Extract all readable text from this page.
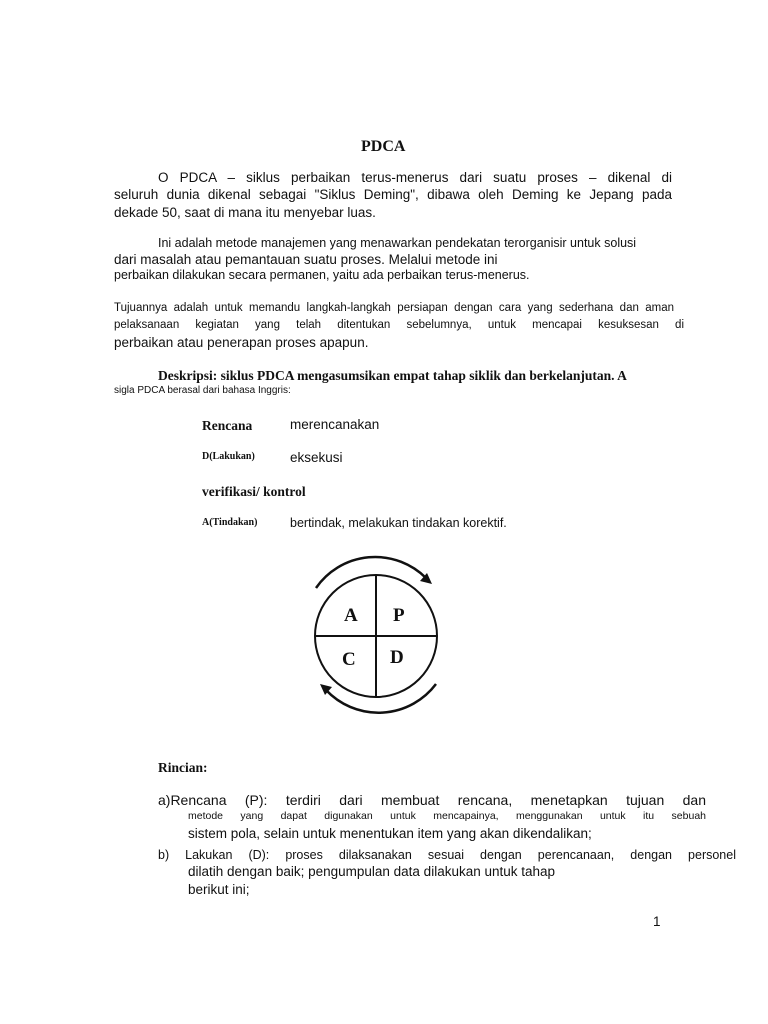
PDCA
O PDCA – siklus perbaikan terus-menerus dari suatu proses – dikenal di
seluruh dunia dikenal sebagai "Siklus Deming", dibawa oleh Deming ke Jepang pada
dekade 50, saat di mana itu menyebar luas.
Ini adalah metode manajemen yang menawarkan pendekatan terorganisir untuk solusi
dari masalah atau pemantauan suatu proses. Melalui metode ini
perbaikan dilakukan secara permanen, yaitu ada perbaikan terus-menerus.
Tujuannya adalah untuk memandu langkah-langkah persiapan dengan cara yang sederhana dan aman
pelaksanaan kegiatan yang telah ditentukan sebelumnya, untuk mencapai kesuksesan di
perbaikan atau penerapan proses apapun.
Deskripsi: siklus PDCA mengasumsikan empat tahap siklik dan berkelanjutan. A
sigla PDCA berasal dari bahasa Inggris:
Rencana	merencanakan
D(Lakukan)	eksekusi
verifikasi/ kontrol
A(Tindakan)	bertindak, melakukan tindakan korektif.
A P
C D
Rincian:
a)Rencana (P): terdiri dari membuat rencana, menetapkan tujuan dan
metode yang dapat digunakan untuk mencapainya, menggunakan untuk itu sebuah
sistem pola, selain untuk menentukan item yang akan dikendalikan;
b) Lakukan (D): proses dilaksanakan sesuai dengan perencanaan, dengan personel
dilatih dengan baik; pengumpulan data dilakukan untuk tahap
berikut ini;
1
